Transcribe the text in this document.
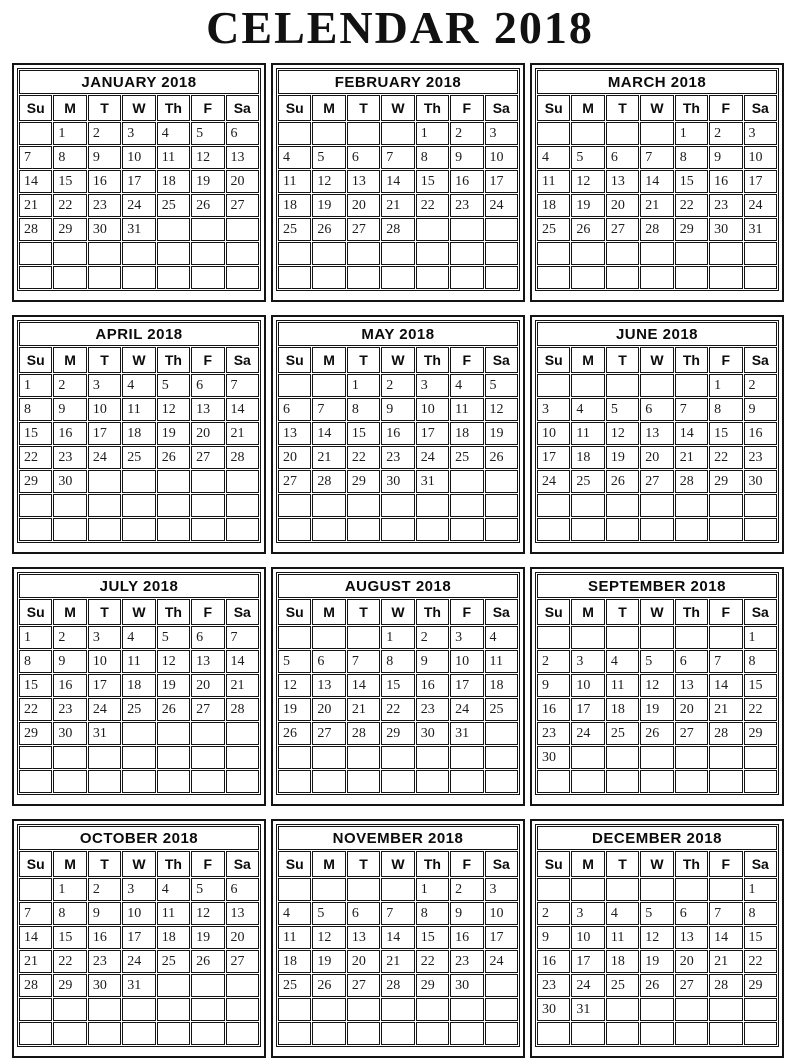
CELENDAR 2018
JANUARY 2018						
Su	M	T	W	Th	F	Sa
	1	2	3	4	5	6
7	8	9	10	11	12	13
14	15	16	17	18	19	20
21	22	23	24	25	26	27
28	29	30	31			

FEBRUARY 2018						
Su	M	T	W	Th	F	Sa
				1	2	3
4	5	6	7	8	9	10
11	12	13	14	15	16	17
18	19	20	21	22	23	24
25	26	27	28			

MARCH 2018						
Su	M	T	W	Th	F	Sa
				1	2	3
4	5	6	7	8	9	10
11	12	13	14	15	16	17
18	19	20	21	22	23	24
25	26	27	28	29	30	31

APRIL 2018						
Su	M	T	W	Th	F	Sa
1	2	3	4	5	6	7
8	9	10	11	12	13	14
15	16	17	18	19	20	21
22	23	24	25	26	27	28
29	30					

MAY 2018						
Su	M	T	W	Th	F	Sa
		1	2	3	4	5
6	7	8	9	10	11	12
13	14	15	16	17	18	19
20	21	22	23	24	25	26
27	28	29	30	31		

JUNE 2018						
Su	M	T	W	Th	F	Sa
					1	2
3	4	5	6	7	8	9
10	11	12	13	14	15	16
17	18	19	20	21	22	23
24	25	26	27	28	29	30

JULY 2018						
Su	M	T	W	Th	F	Sa
1	2	3	4	5	6	7
8	9	10	11	12	13	14
15	16	17	18	19	20	21
22	23	24	25	26	27	28
29	30	31				

AUGUST 2018						
Su	M	T	W	Th	F	Sa
			1	2	3	4
5	6	7	8	9	10	11
12	13	14	15	16	17	18
19	20	21	22	23	24	25
26	27	28	29	30	31	

SEPTEMBER 2018						
Su	M	T	W	Th	F	Sa
						1
2	3	4	5	6	7	8
9	10	11	12	13	14	15
16	17	18	19	20	21	22
23	24	25	26	27	28	29
30						

OCTOBER 2018						
Su	M	T	W	Th	F	Sa
	1	2	3	4	5	6
7	8	9	10	11	12	13
14	15	16	17	18	19	20
21	22	23	24	25	26	27
28	29	30	31			

NOVEMBER 2018						
Su	M	T	W	Th	F	Sa
				1	2	3
4	5	6	7	8	9	10
11	12	13	14	15	16	17
18	19	20	21	22	23	24
25	26	27	28	29	30	

DECEMBER 2018						
Su	M	T	W	Th	F	Sa
						1
2	3	4	5	6	7	8
9	10	11	12	13	14	15
16	17	18	19	20	21	22
23	24	25	26	27	28	29
30	31					
